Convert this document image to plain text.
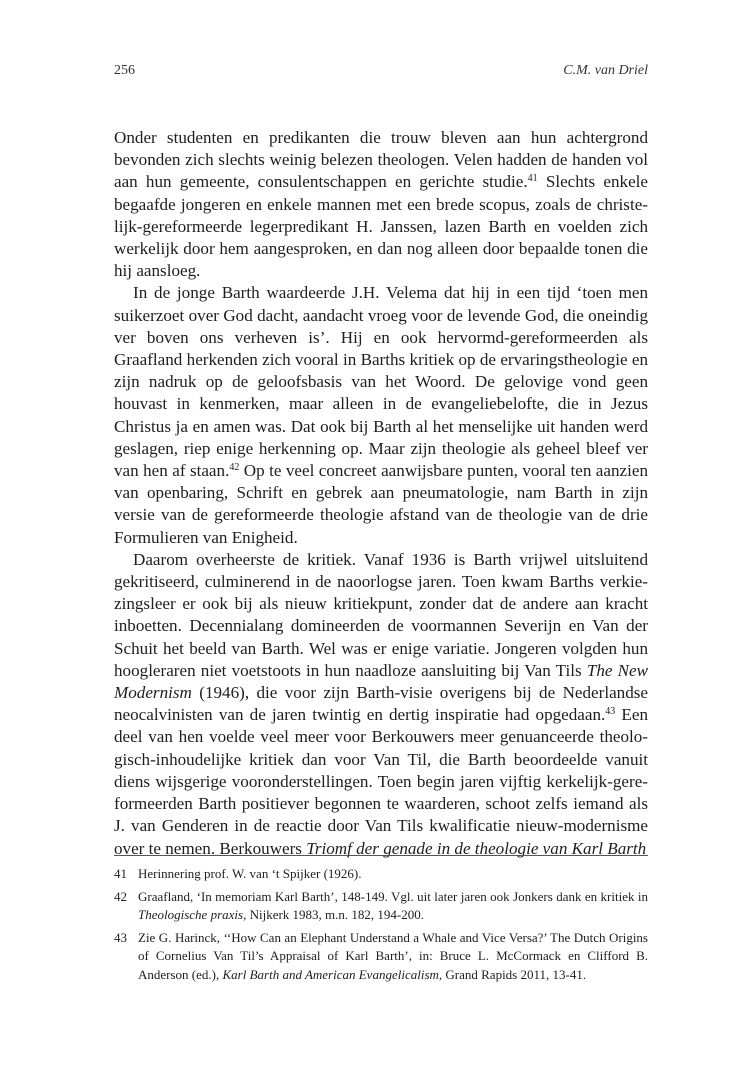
256	C.M. van Driel

Onder studenten en predikanten die trouw bleven aan hun achtergrond bevonden zich slechts weinig belezen theologen. Velen hadden de handen vol aan hun gemeente, consulentschappen en gerichte studie.$^{41}$ Slechts enkele begaafde jongeren en enkele mannen met een brede scopus, zoals de christelijk-gereformeerde legerpredikant H. Janssen, lazen Barth en voelden zich werkelijk door hem aangesproken, en dan nog alleen door bepaalde tonen die hij aansloeg.

In de jonge Barth waardeerde J.H. Velema dat hij in een tijd ‘toen men suikerzoet over God dacht, aandacht vroeg voor de levende God, die oneindig ver boven ons verheven is’. Hij en ook hervormd-gereformeerden als Graafland herkenden zich vooral in Barths kritiek op de ervaringstheologie en zijn nadruk op de geloofsbasis van het Woord. De gelovige vond geen houvast in kenmerken, maar alleen in de evangeliebelofte, die in Jezus Christus ja en amen was. Dat ook bij Barth al het menselijke uit handen werd geslagen, riep enige herkenning op. Maar zijn theologie als geheel bleef ver van hen af staan.$^{42}$ Op te veel concreet aanwijsbare punten, vooral ten aanzien van openbaring, Schrift en gebrek aan pneumatologie, nam Barth in zijn versie van de gereformeerde theologie afstand van de theologie van de drie Formulieren van Enigheid.

Daarom overheerste de kritiek. Vanaf 1936 is Barth vrijwel uitsluitend gekritiseerd, culminerend in de naoorlogse jaren. Toen kwam Barths verkiezingsleer er ook bij als nieuw kritiekpunt, zonder dat de andere aan kracht inboetten. Decennialang domineerden de voormannen Severijn en Van der Schuit het beeld van Barth. Wel was er enige variatie. Jongeren volgden hun hoogleraren niet voetstoots in hun naadloze aansluiting bij Van Tils The New Modernism (1946), die voor zijn Barth-visie overigens bij de Nederlandse neocalvinisten van de jaren twintig en dertig inspiratie had opgedaan.$^{43}$ Een deel van hen voelde veel meer voor Berkouwers meer genuanceerde theologisch-inhoudelijke kritiek dan voor Van Til, die Barth beoordeelde vanuit diens wijsgerige vooronderstellingen. Toen begin jaren vijftig kerkelijk-gereformeerden Barth positiever begonnen te waarderen, schoot zelfs iemand als J. van Genderen in de reactie door Van Tils kwalificatie nieuw-modernisme over te nemen. Berkouwers Triomf der genade in de theologie van Karl Barth

41 Herinnering prof. W. van ‘t Spijker (1926).
42 Graafland, ‘In memoriam Karl Barth’, 148-149. Vgl. uit later jaren ook Jonkers dank en kritiek in Theologische praxis, Nijkerk 1983, m.n. 182, 194-200.
43 Zie G. Harinck, ‘‘How Can an Elephant Understand a Whale and Vice Versa?’ The Dutch Origins of Cornelius Van Til’s Appraisal of Karl Barth’, in: Bruce L. McCormack en Clifford B. Anderson (ed.), Karl Barth and American Evangelicalism, Grand Rapids 2011, 13-41.
